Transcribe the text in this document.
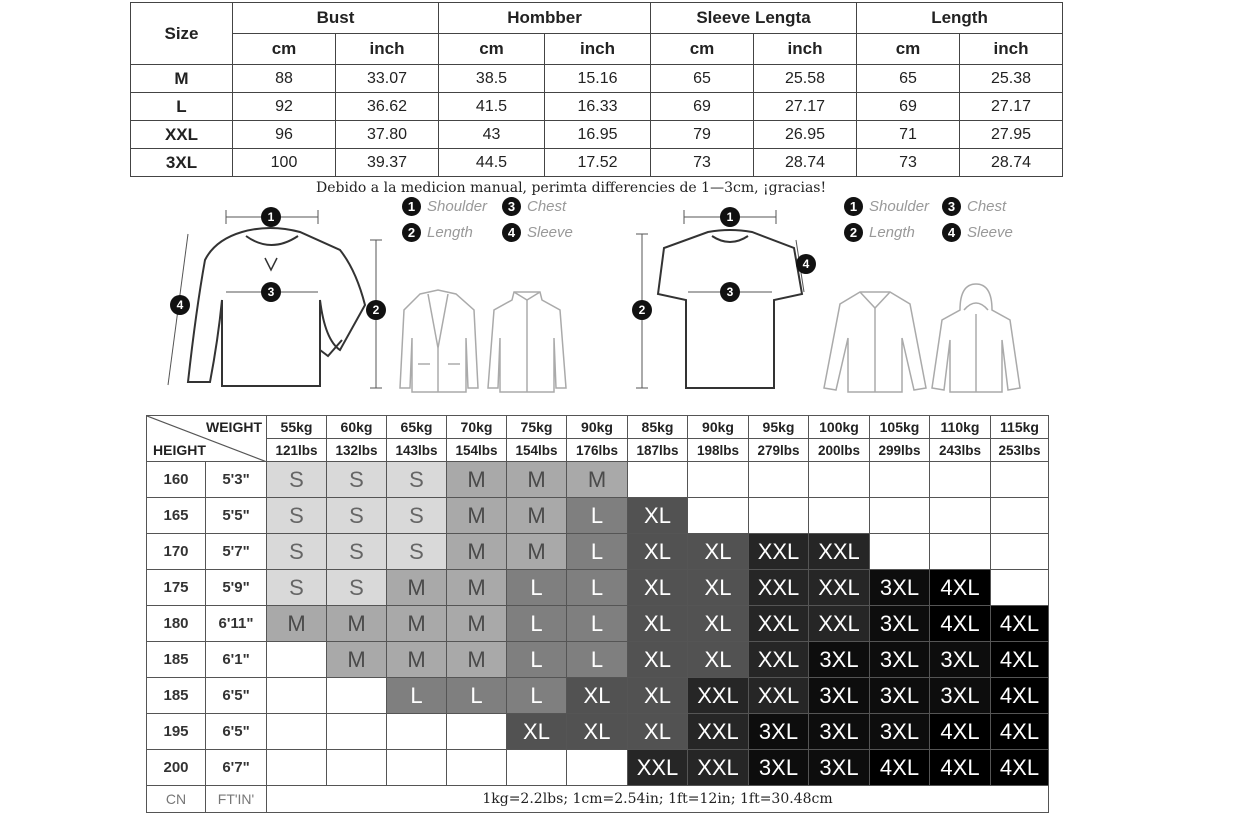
Size	Bust		Hombber		Sleeve Lengta		Length	
	cm	inch	cm	inch	cm	inch	cm	inch
M	88	33.07	38.5	15.16	65	25.58	65	25.38
L	92	36.62	41.5	16.33	69	27.17	69	27.17
XXL	96	37.80	43	16.95	79	26.95	71	27.95
3XL	100	39.37	44.5	17.52	73	28.74	73	28.74
Debido a la medicion manual, perimta differencies de 1—3cm, ¡gracias!
1
3
2
4
1
3
2
4
1 Shoulder	3 Chest
2 Length	4 Sleeve
1 Shoulder	3 Chest
2 Length	4 Sleeve
WEIGHT
HEIGHT		55kg	60kg	65kg	70kg	75kg	90kg	85kg	90kg	95kg	100kg	105kg	110kg	115kg
		121lbs	132lbs	143lbs	154lbs	154lbs	176lbs	187lbs	198lbs	279lbs	200lbs	299lbs	243lbs	253lbs
160	5'3"	S	S	S	M	M	M							
165	5'5"	S	S	S	M	M	L	XL						
170	5'7"	S	S	S	M	M	L	XL	XL	XXL	XXL			
175	5'9"	S	S	M	M	L	L	XL	XL	XXL	XXL	3XL	4XL	
180	6'11"	M	M	M	M	L	L	XL	XL	XXL	XXL	3XL	4XL	4XL
185	6'1"		M	M	M	L	L	XL	XL	XXL	3XL	3XL	3XL	4XL
185	6'5"			L	L	L	XL	XL	XXL	XXL	3XL	3XL	3XL	4XL
195	6'5"					XL	XL	XL	XXL	3XL	3XL	3XL	4XL	4XL
200	6'7"							XXL	XXL	3XL	3XL	4XL	4XL	4XL
CN	FT'IN'	1kg=2.2lbs; 1cm=2.54in; 1ft=12in; 1ft=30.48cm												
